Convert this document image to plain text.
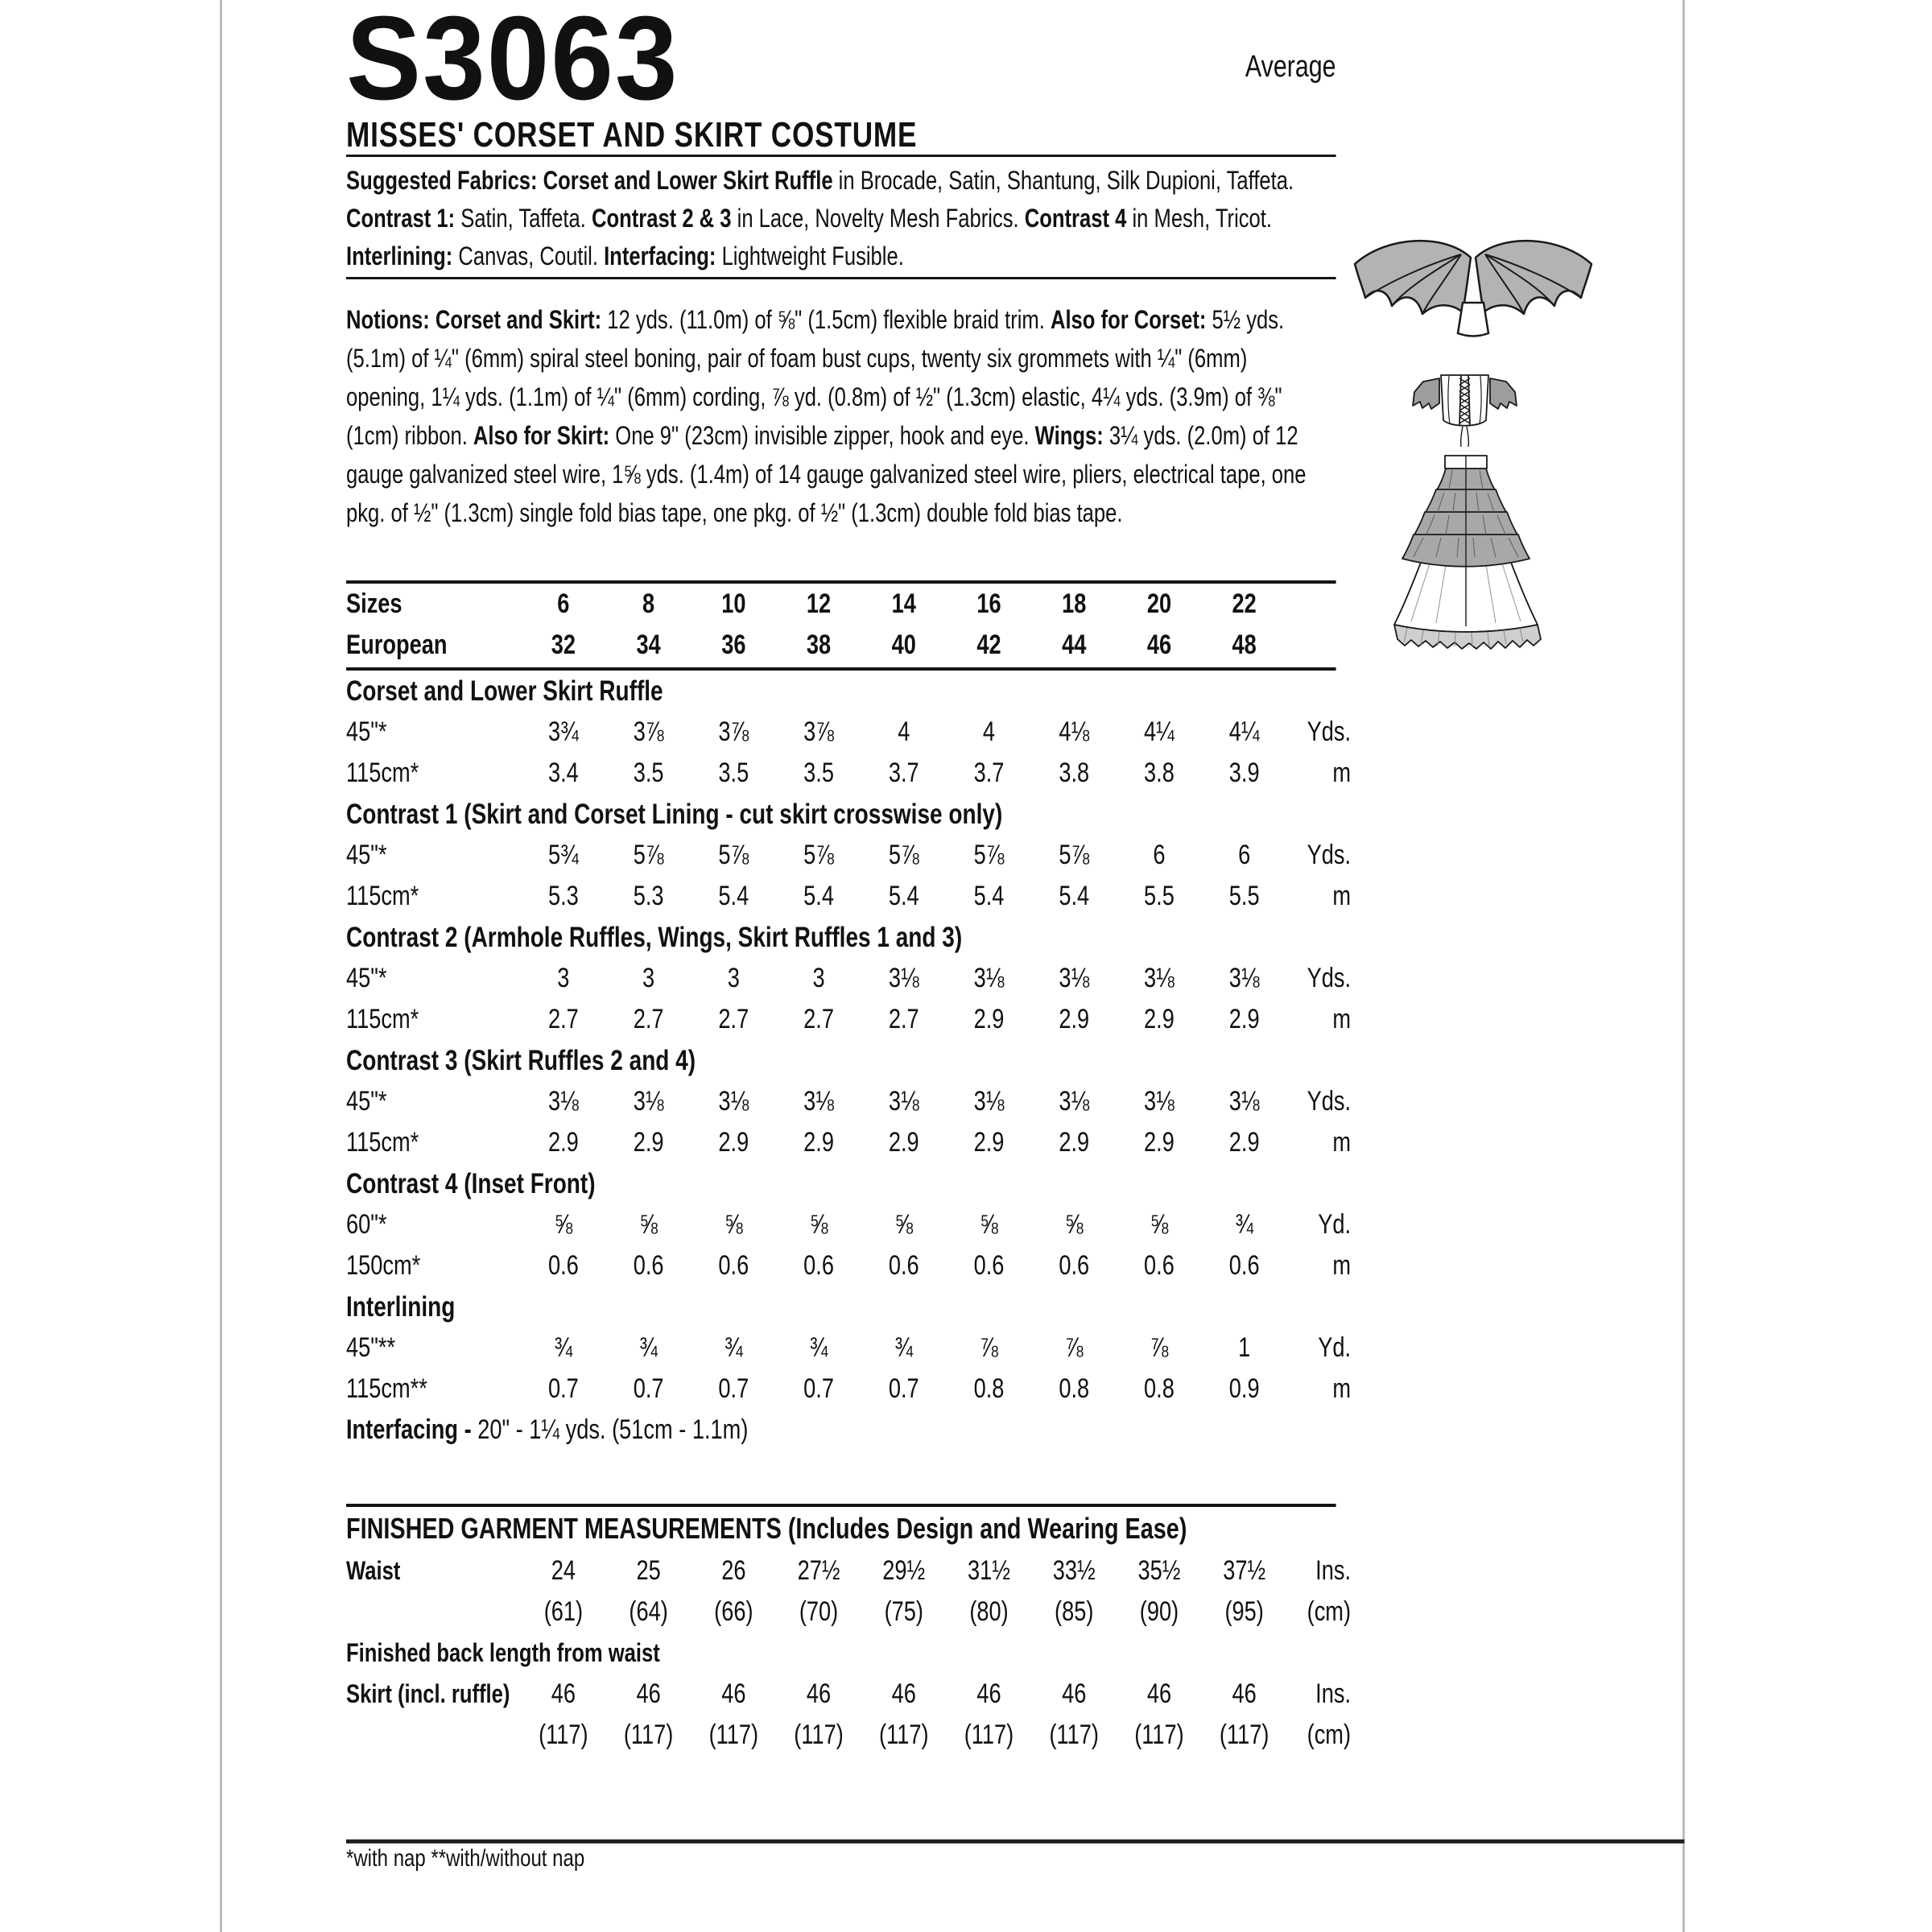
S3063	Average
MISSES' CORSET AND SKIRT COSTUME

Suggested Fabrics: Corset and Lower Skirt Ruffle in Brocade, Satin, Shantung, Silk Dupioni, Taffeta. Contrast 1: Satin, Taffeta. Contrast 2 & 3 in Lace, Novelty Mesh Fabrics. Contrast 4 in Mesh, Tricot. Interlining: Canvas, Coutil. Interfacing: Lightweight Fusible.

Notions: Corset and Skirt: 12 yds. (11.0m) of ⅝" (1.5cm) flexible braid trim. Also for Corset: 5½ yds. (5.1m) of ¼" (6mm) spiral steel boning, pair of foam bust cups, twenty six grommets with ¼" (6mm) opening, 1¼ yds. (1.1m) of ¼" (6mm) cording, ⅞ yd. (0.8m) of ½" (1.3cm) elastic, 4¼ yds. (3.9m) of ⅜" (1cm) ribbon. Also for Skirt: One 9" (23cm) invisible zipper, hook and eye. Wings: 3¼ yds. (2.0m) of 12 gauge galvanized steel wire, 1⅝ yds. (1.4m) of 14 gauge galvanized steel wire, pliers, electrical tape, one pkg. of ½" (1.3cm) single fold bias tape, one pkg. of ½" (1.3cm) double fold bias tape.

Sizes	6	8	10	12	14	16	18	20	22
European	32	34	36	38	40	42	44	46	48
Corset and Lower Skirt Ruffle
45"*	3¾	3⅞	3⅞	3⅞	4	4	4⅛	4¼	4¼	Yds.
115cm*	3.4	3.5	3.5	3.5	3.7	3.7	3.8	3.8	3.9	m
Contrast 1 (Skirt and Corset Lining - cut skirt crosswise only)
45"*	5¾	5⅞	5⅞	5⅞	5⅞	5⅞	5⅞	6	6	Yds.
115cm*	5.3	5.3	5.4	5.4	5.4	5.4	5.4	5.5	5.5	m
Contrast 2 (Armhole Ruffles, Wings, Skirt Ruffles 1 and 3)
45"*	3	3	3	3	3⅛	3⅛	3⅛	3⅛	3⅛	Yds.
115cm*	2.7	2.7	2.7	2.7	2.7	2.9	2.9	2.9	2.9	m
Contrast 3 (Skirt Ruffles 2 and 4)
45"*	3⅛	3⅛	3⅛	3⅛	3⅛	3⅛	3⅛	3⅛	3⅛	Yds.
115cm*	2.9	2.9	2.9	2.9	2.9	2.9	2.9	2.9	2.9	m
Contrast 4 (Inset Front)
60"*	⅝	⅝	⅝	⅝	⅝	⅝	⅝	⅝	¾	Yd.
150cm*	0.6	0.6	0.6	0.6	0.6	0.6	0.6	0.6	0.6	m
Interlining
45"**	¾	¾	¾	¾	¾	⅞	⅞	⅞	1	Yd.
115cm**	0.7	0.7	0.7	0.7	0.7	0.8	0.8	0.8	0.9	m
Interfacing - 20" - 1¼ yds. (51cm - 1.1m)
FINISHED GARMENT MEASUREMENTS (Includes Design and Wearing Ease)
Waist	24	25	26	27½	29½	31½	33½	35½	37½	Ins.
(61)	(64)	(66)	(70)	(75)	(80)	(85)	(90)	(95)	(cm)
Finished back length from waist
Skirt (incl. ruffle)	46	46	46	46	46	46	46	46	46	Ins.
(117)	(117)	(117)	(117)	(117)	(117)	(117)	(117)	(117)	(cm)
*with nap **with/without nap
